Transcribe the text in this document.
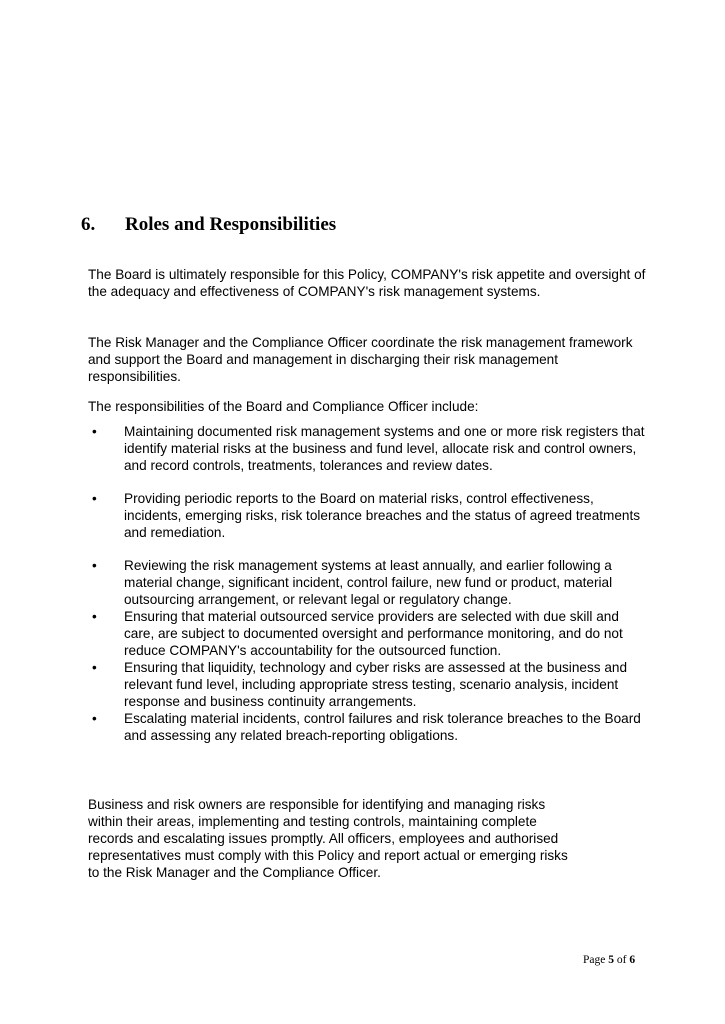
6. Roles and Responsibilities

The Board is ultimately responsible for this Policy, COMPANY's risk appetite and oversight of the adequacy and effectiveness of COMPANY's risk management systems.

The Risk Manager and the Compliance Officer coordinate the risk management framework and support the Board and management in discharging their risk management responsibilities.

The responsibilities of the Board and Compliance Officer include:

• Maintaining documented risk management systems and one or more risk registers that identify material risks at the business and fund level, allocate risk and control owners, and record controls, treatments, tolerances and review dates.
• Providing periodic reports to the Board on material risks, control effectiveness, incidents, emerging risks, risk tolerance breaches and the status of agreed treatments and remediation.
• Reviewing the risk management systems at least annually, and earlier following a material change, significant incident, control failure, new fund or product, material outsourcing arrangement, or relevant legal or regulatory change.
• Ensuring that material outsourced service providers are selected with due skill and care, are subject to documented oversight and performance monitoring, and do not reduce COMPANY's accountability for the outsourced function.
• Ensuring that liquidity, technology and cyber risks are assessed at the business and relevant fund level, including appropriate stress testing, scenario analysis, incident response and business continuity arrangements.
• Escalating material incidents, control failures and risk tolerance breaches to the Board and assessing any related breach-reporting obligations.

Business and risk owners are responsible for identifying and managing risks
within their areas, implementing and testing controls, maintaining complete
records and escalating issues promptly. All officers, employees and authorised
representatives must comply with this Policy and report actual or emerging risks
to the Risk Manager and the Compliance Officer.

Page 5 of 6
